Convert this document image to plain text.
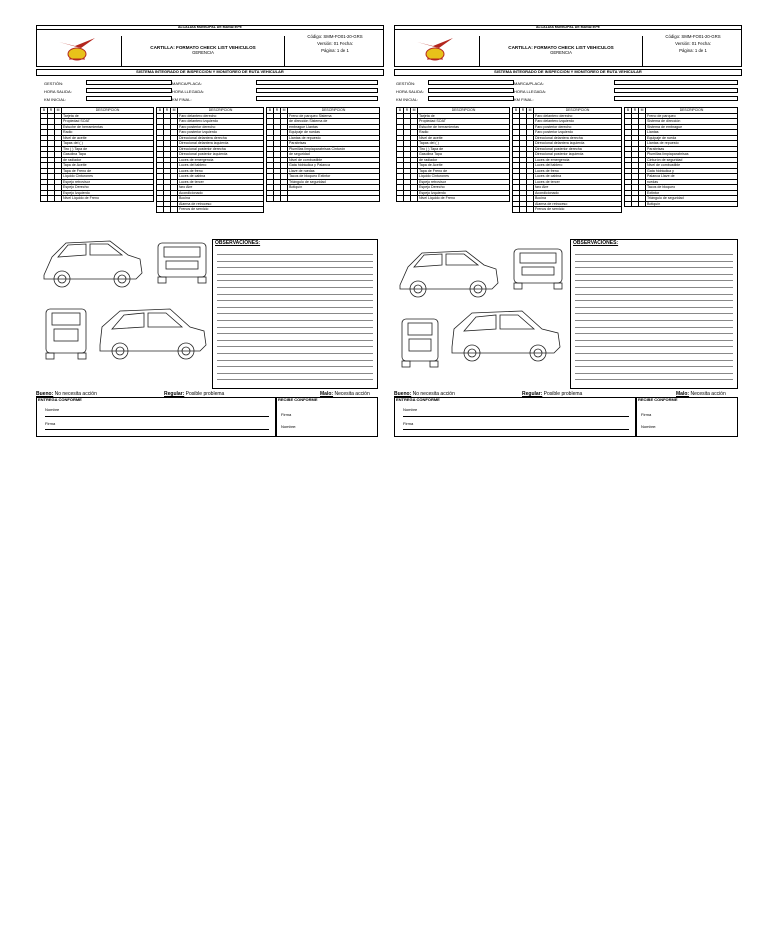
ALCALDIA MUNICIPAL DE MANATEPE
CARTILLA: FORMATO CHECK LIST VEHICULOS
GERENCIA
Código: SMM-FO01-20-GRS
Versión: 01 Fecha:
Página: 1 de 1
SISTEMA INTEGRADO DE INSPECCIÓN Y MONITOREO DE RUTA VEHICULAR
GESTIÓN:
HORA SALIDA:
KM INICIAL:
MARCA/PLACA:
HORA LLEGADA:
KM FINAL:
B	R	M	DESCRIPCION
			Tarjeta de
			Propiedad SOAT
			Estuche de herramientas
			Radio
			Nivel de aceite
			Tapas del ( )
			Tiro ( ) Tapa de
			Gasolina Tapa
			de radiador
			Tapa de Aceite
			Tapa de Freno de
			Liquido Cinturones
			Espejo retrovisor
			Espejo Derecho
			Espejo Izquierdo
			Nivel Liquido de Freno
B	R	M	DESCRIPCION
			Faro delantero derecho
			Faro delantero izquierdo
			Faro posterior derecho
			Faro posterior izquierdo
			Direccional delantera derecha
			Direccional delantera izquierda
			Direccional posterior derecha
			Direccional posterior izquierda
			Luces de emergencia
			Luces del tablero
			Luces de freno
			Luces de cabina
			Luces de tercer
			faro Aire
			Acondicionado
			Bocina
			Alarma de retroceso
			Frenos de servicio
B	R	M	DESCRIPCION
			Freno de parqueo Sistema
			de dirección Sistema de
			embrague Llantas
			Equipaje de ruedas
			Llantas de repuesto
			Parabrisas
			Plumillas limpiaparabrisas Cinturón
			de seguridad
			Nivel de combustible
			Gata hidráulica y Palanca
			Llave de ruedas
			Tacos de bloqueo Extintor
			Triángulo de seguridad
			Botiquín

OBSERVACIONES:
Bueno: No necesita acción	Regular: Posible problema	Malo: Necesita acción
ENTREGA CONFORME
Nombre
Firma
RECIBE CONFORME
Firma
Nombre:
ALCALDIA MUNICIPAL DE MANATEPE
CARTILLA: FORMATO CHECK LIST VEHICULOS
GERENCIA
Código: SMM-FO01-20-GRS
Versión: 01 Fecha:
Página: 1 de 1
SISTEMA INTEGRADO DE INSPECCIÓN Y MONITOREO DE RUTA VEHICULAR
GESTIÓN:
HORA SALIDA:
KM INICIAL:
MARCA/PLACA:
HORA LLEGADA:
KM FINAL:
B	R	M	DESCRIPCION
			Tarjeta de
			Propiedad SOAT
			Estuche de herramientas
			Radio
			Nivel de aceite
			Tapas del ( )
			Tiro ( ) Tapa de
			Gasolina Tapa
			de radiador
			Tapa de Aceite
			Tapa de Freno de
			Liquido Cinturones
			Espejo retrovisor
			Espejo Derecho
			Espejo Izquierdo
			Nivel Liquido de Freno
B	R	M	DESCRIPCION
			Faro delantero derecho
			Faro delantero izquierdo
			Faro posterior derecho
			Faro posterior izquierdo
			Direccional delantera derecha
			Direccional delantera izquierda
			Direccional posterior derecha
			Direccional posterior izquierda
			Luces de emergencia
			Luces del tablero
			Luces de freno
			Luces de cabina
			Luces de tercer
			faro Aire
			Acondicionado
			Bocina
			Alarma de retroceso
			Frenos de servicio
B	R	M	DESCRIPCION
			Freno de parqueo
			Sistema de dirección
			Sistema de embrague
			Llantas
			Equipaje de rueda
			Llantas de repuesto
			Parabrisas
			Plumillas limpiaparabrisas
			Cinturón de seguridad
			Nivel de combustible
			Gata hidráulica y
			Palanca Llave de
			ruedas
			Tacos de bloqueo
			Extintor
			Triángulo de seguridad
			Botiquín
OBSERVACIONES:
Bueno: No necesita acción	Regular: Posible problema	Malo: Necesita acción
ENTREGA CONFORME
Nombre
Firma
RECIBE CONFORME
Firma
Nombre:
